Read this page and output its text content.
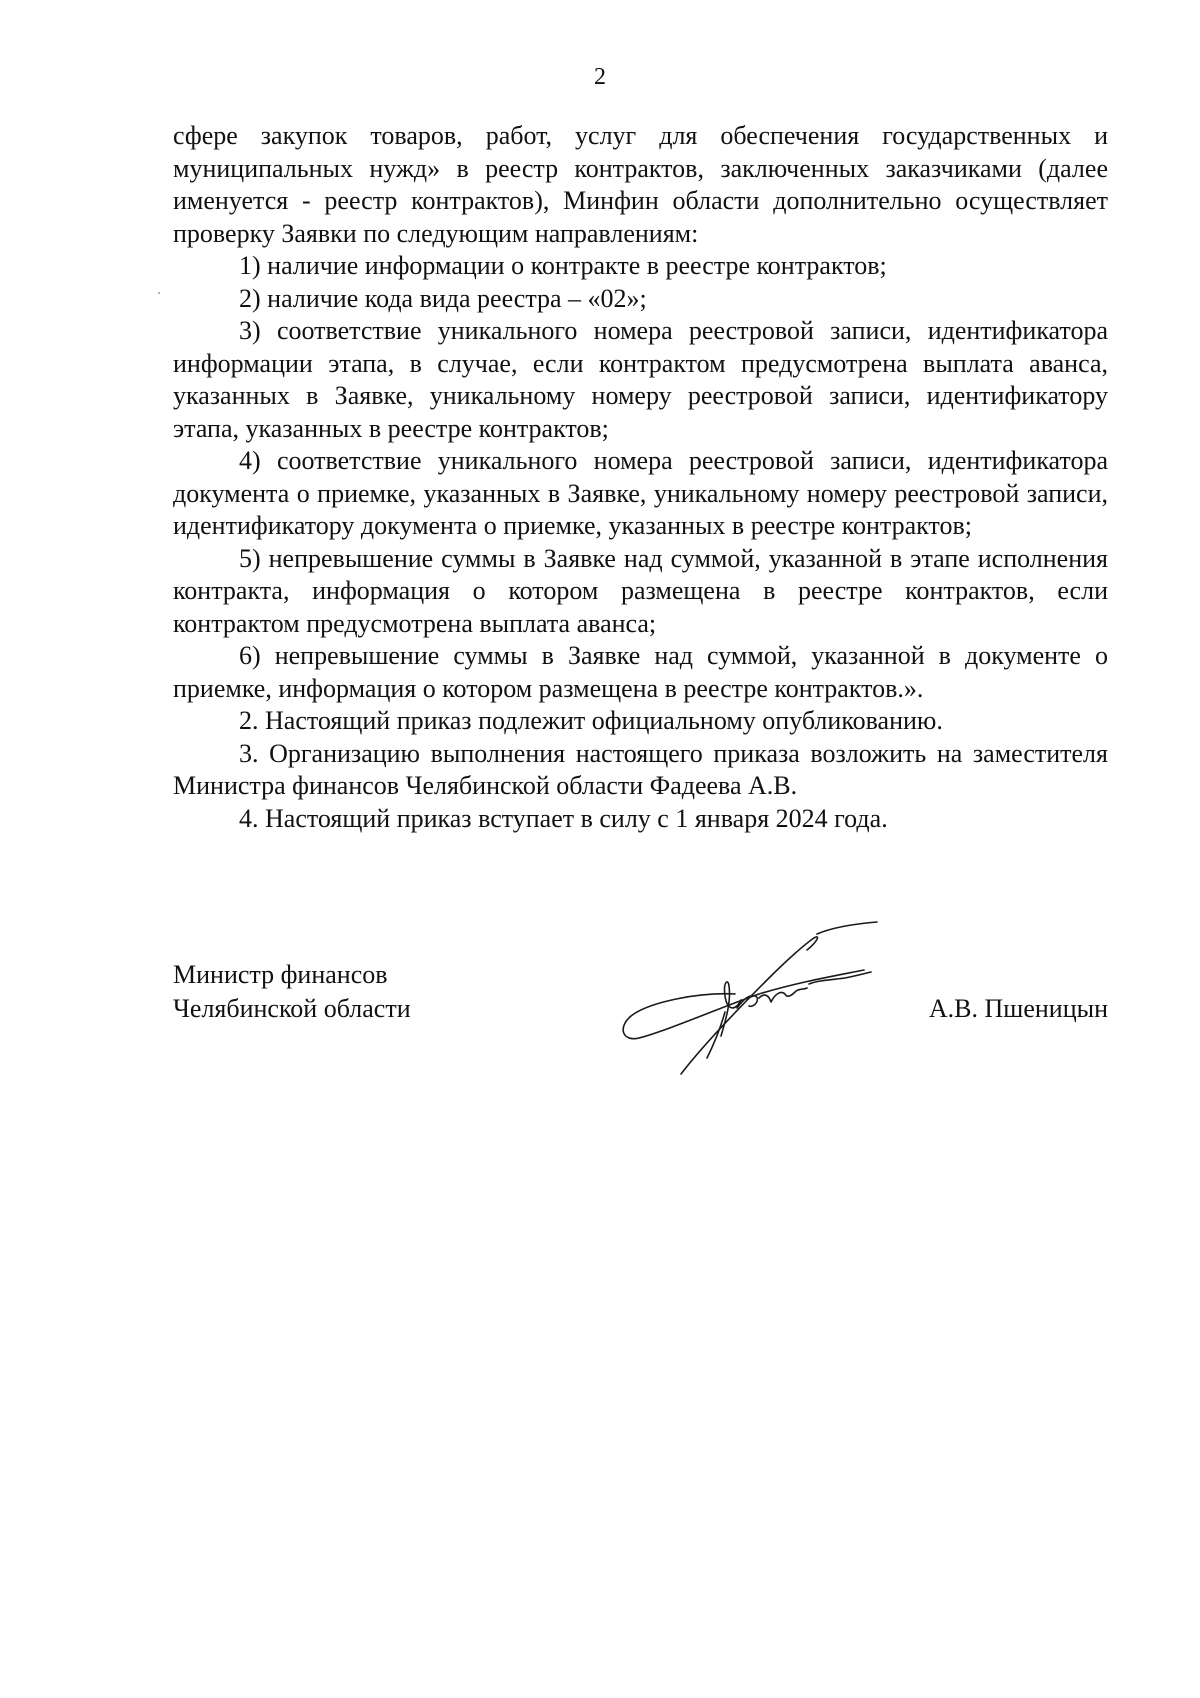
2

сфере закупок товаров, работ, услуг для обеспечения государственных и муниципальных нужд» в реестр контрактов, заключенных заказчиками (далее именуется - реестр контрактов), Минфин области дополнительно осуществляет проверку Заявки по следующим направлениям:

1) наличие информации о контракте в реестре контрактов;

2) наличие кода вида реестра – «02»;

3) соответствие уникального номера реестровой записи, идентификатора информации этапа, в случае, если контрактом предусмотрена выплата аванса, указанных в Заявке, уникальному номеру реестровой записи, идентификатору этапа, указанных в реестре контрактов;

4) соответствие уникального номера реестровой записи, идентификатора документа о приемке, указанных в Заявке, уникальному номеру реестровой записи, идентификатору документа о приемке, указанных в реестре контрактов;

5) непревышение суммы в Заявке над суммой, указанной в этапе исполнения контракта, информация о котором размещена в реестре контрактов, если контрактом предусмотрена выплата аванса;

6) непревышение суммы в Заявке над суммой, указанной в документе о приемке, информация о котором размещена в реестре контрактов.».

2. Настоящий приказ подлежит официальному опубликованию.

3. Организацию выполнения настоящего приказа возложить на заместителя Министра финансов Челябинской области Фадеева А.В.

4. Настоящий приказ вступает в силу с 1 января 2024 года.

Министр финансов
Челябинской области	А.В. Пшеницын
